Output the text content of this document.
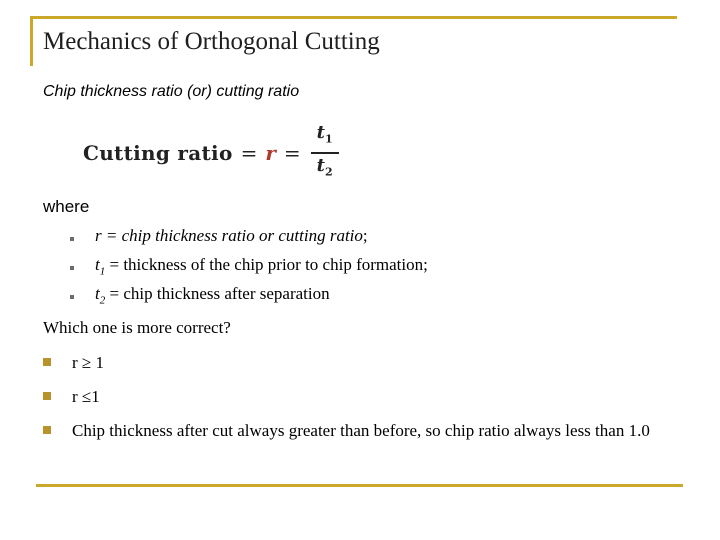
Mechanics of Orthogonal Cutting
Chip thickness ratio (or) cutting ratio
Cutting ratio = $r = \frac{t_1}{t_2}$
where
r = chip thickness ratio or cutting ratio;
$t_1$ = thickness of the chip prior to chip formation;
$t_2$ = chip thickness after separation
Which one is more correct?
r ≥ 1
r ≤1
Chip thickness after cut always greater than before, so chip ratio always less than 1.0
